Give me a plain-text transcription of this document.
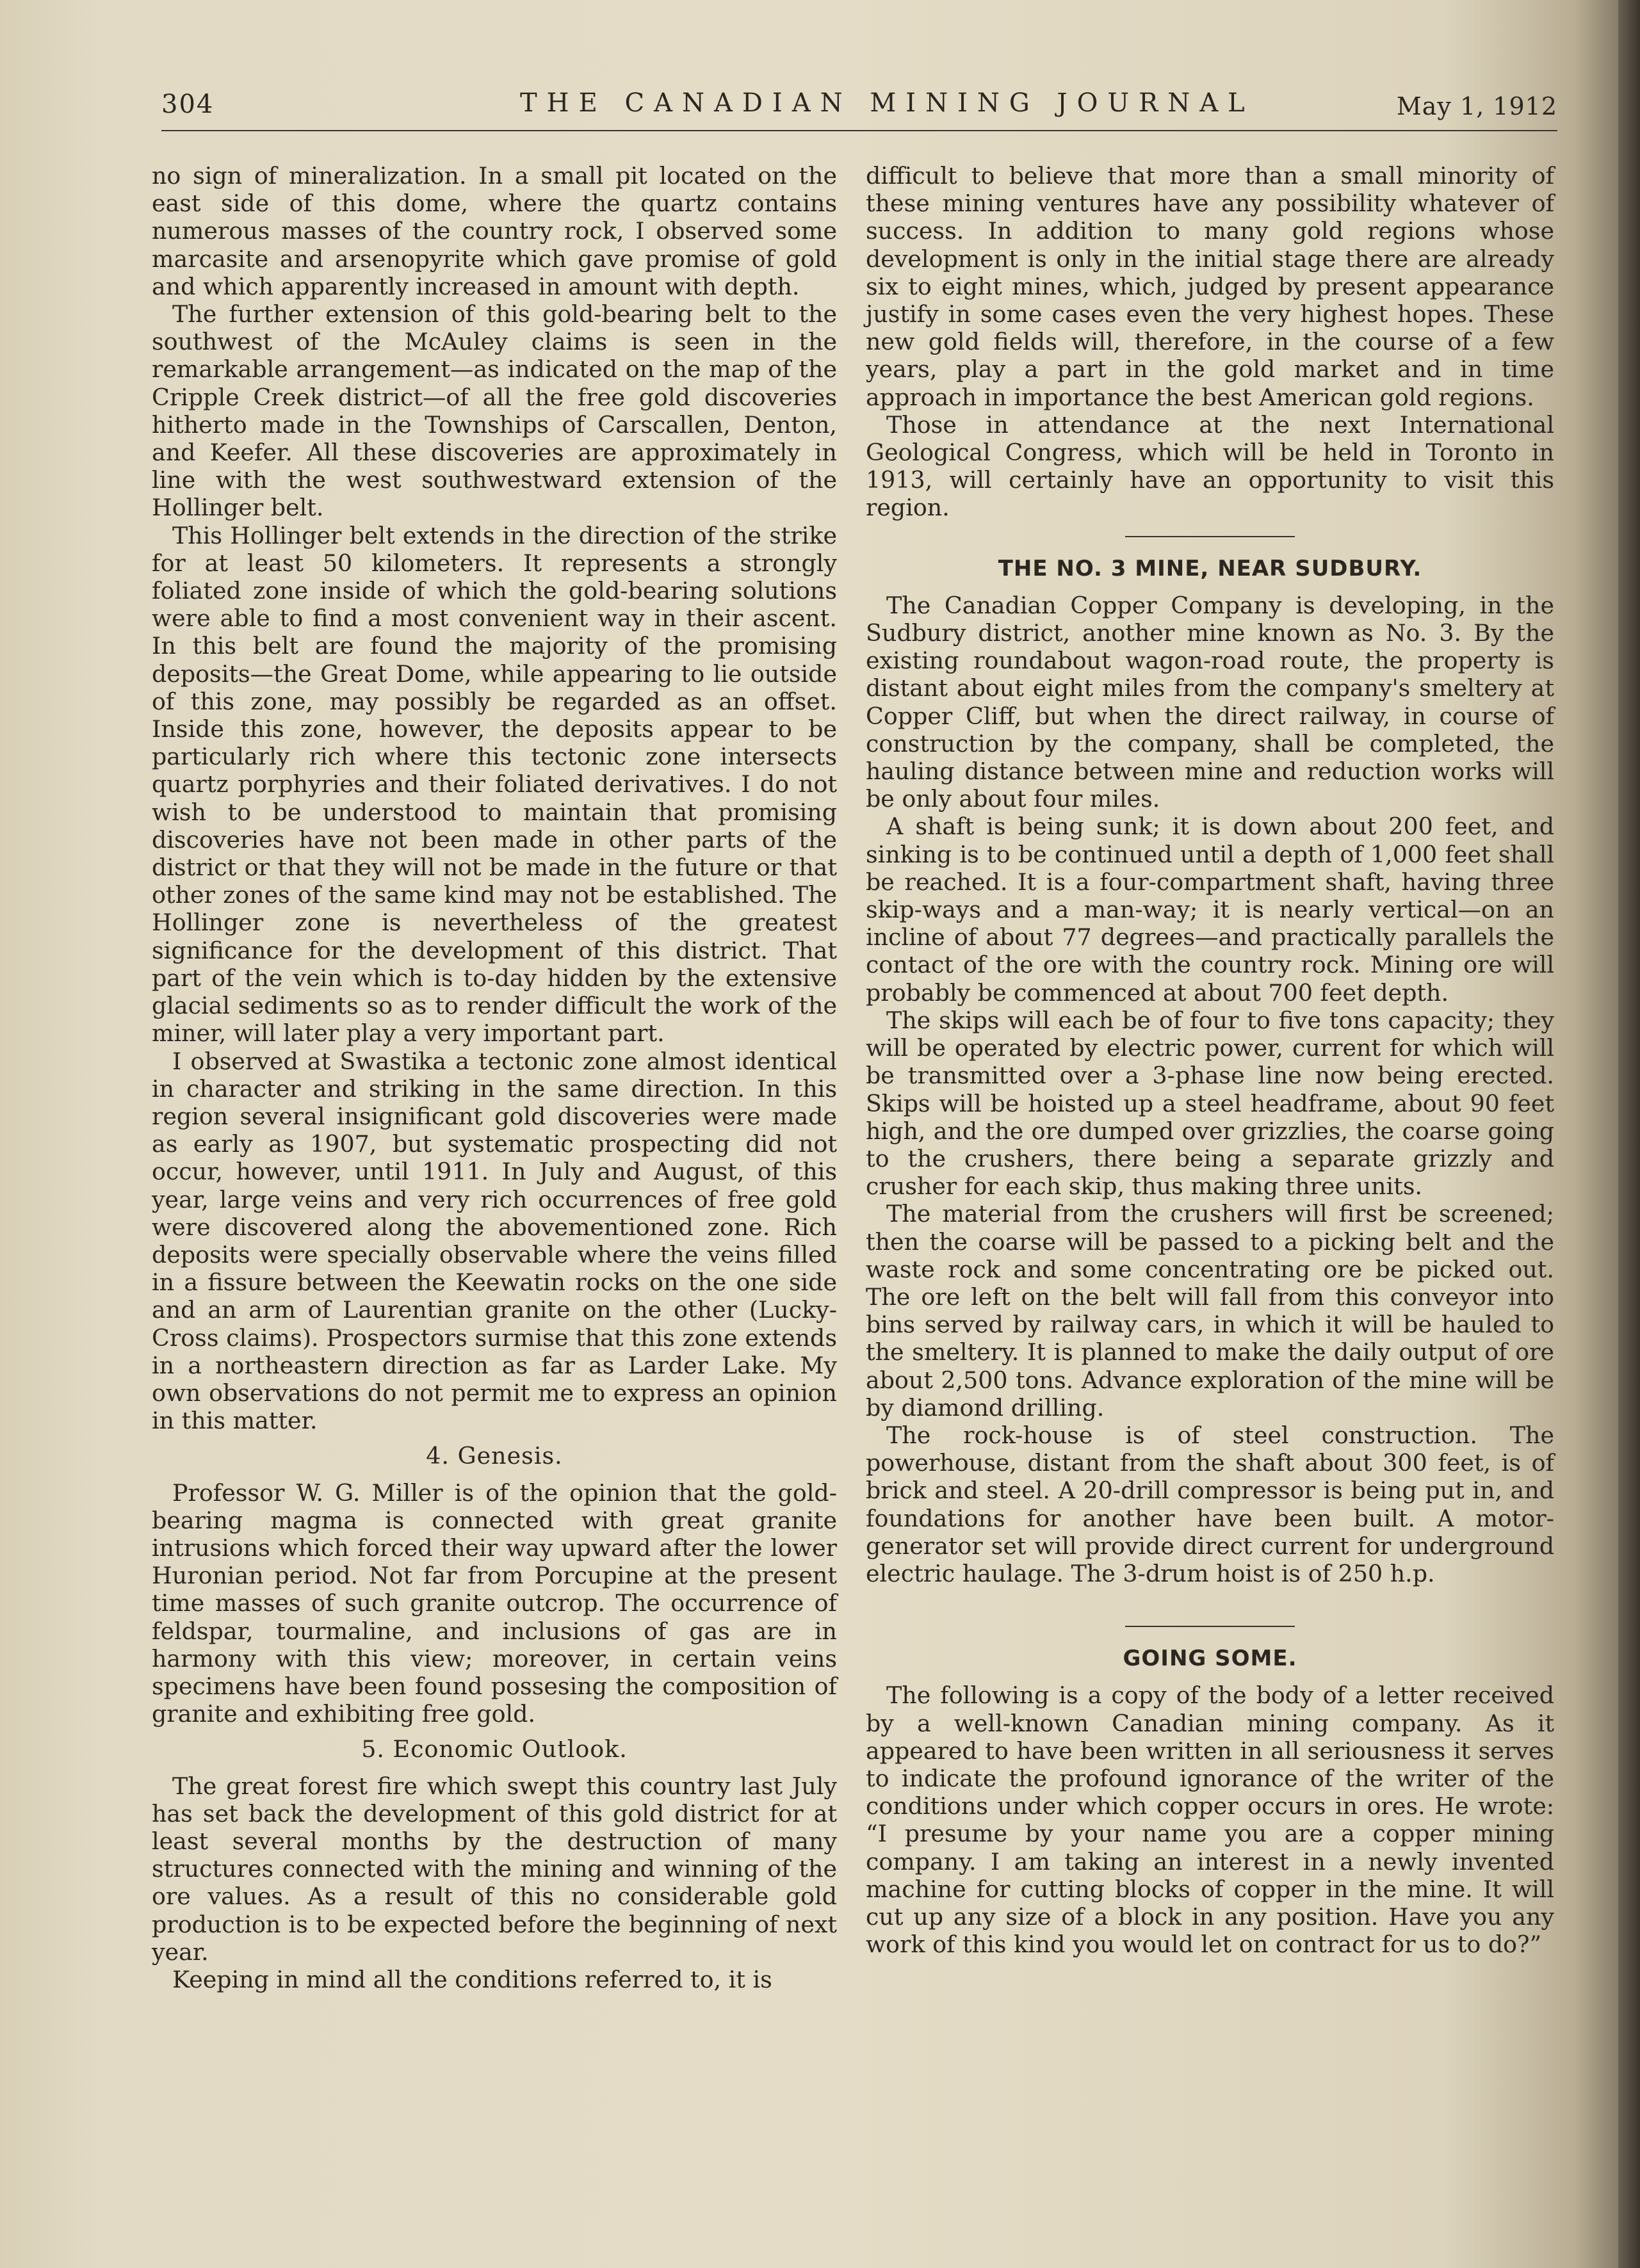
304	THE CANADIAN MINING JOURNAL	May 1, 1912

no sign of mineralization. In a small pit located on the east side of this dome, where the quartz contains numerous masses of the country rock, I observed some marcasite and arsenopyrite which gave promise of gold and which apparently increased in amount with depth.

The further extension of this gold-bearing belt to the southwest of the McAuley claims is seen in the remarkable arrangement—as indicated on the map of the Cripple Creek district—of all the free gold discoveries hitherto made in the Townships of Carscallen, Denton, and Keefer. All these discoveries are approximately in line with the west southwestward extension of the Hollinger belt.

This Hollinger belt extends in the direction of the strike for at least 50 kilometers. It represents a strongly foliated zone inside of which the gold-bearing solutions were able to find a most convenient way in their ascent. In this belt are found the majority of the promising deposits—the Great Dome, while appearing to lie outside of this zone, may possibly be regarded as an offset. Inside this zone, however, the deposits appear to be particularly rich where this tectonic zone intersects quartz porphyries and their foliated derivatives. I do not wish to be understood to maintain that promising discoveries have not been made in other parts of the district or that they will not be made in the future or that other zones of the same kind may not be established. The Hollinger zone is nevertheless of the greatest significance for the development of this district. That part of the vein which is to-day hidden by the extensive glacial sediments so as to render difficult the work of the miner, will later play a very important part.

I observed at Swastika a tectonic zone almost identical in character and striking in the same direction. In this region several insignificant gold discoveries were made as early as 1907, but systematic prospecting did not occur, however, until 1911. In July and August, of this year, large veins and very rich occurrences of free gold were discovered along the abovementioned zone. Rich deposits were specially observable where the veins filled in a fissure between the Keewatin rocks on the one side and an arm of Laurentian granite on the other (Lucky-Cross claims). Prospectors surmise that this zone extends in a northeastern direction as far as Larder Lake. My own observations do not permit me to express an opinion in this matter.

4. Genesis.

Professor W. G. Miller is of the opinion that the gold-bearing magma is connected with great granite intrusions which forced their way upward after the lower Huronian period. Not far from Porcupine at the present time masses of such granite outcrop. The occurrence of feldspar, tourmaline, and inclusions of gas are in harmony with this view; moreover, in certain veins specimens have been found possesing the composition of granite and exhibiting free gold.

5. Economic Outlook.

The great forest fire which swept this country last July has set back the development of this gold district for at least several months by the destruction of many structures connected with the mining and winning of the ore values. As a result of this no considerable gold production is to be expected before the beginning of next year.

Keeping in mind all the conditions referred to, it is

difficult to believe that more than a small minority of these mining ventures have any possibility whatever of success. In addition to many gold regions whose development is only in the initial stage there are already six to eight mines, which, judged by present appearance justify in some cases even the very highest hopes. These new gold fields will, therefore, in the course of a few years, play a part in the gold market and in time approach in importance the best American gold regions.

Those in attendance at the next International Geological Congress, which will be held in Toronto in 1913, will certainly have an opportunity to visit this region.

THE NO. 3 MINE, NEAR SUDBURY.

The Canadian Copper Company is developing, in the Sudbury district, another mine known as No. 3. By the existing roundabout wagon-road route, the property is distant about eight miles from the company's smeltery at Copper Cliff, but when the direct railway, in course of construction by the company, shall be completed, the hauling distance between mine and reduction works will be only about four miles.

A shaft is being sunk; it is down about 200 feet, and sinking is to be continued until a depth of 1,000 feet shall be reached. It is a four-compartment shaft, having three skip-ways and a man-way; it is nearly vertical—on an incline of about 77 degrees—and practically parallels the contact of the ore with the country rock. Mining ore will probably be commenced at about 700 feet depth.

The skips will each be of four to five tons capacity; they will be operated by electric power, current for which will be transmitted over a 3-phase line now being erected. Skips will be hoisted up a steel headframe, about 90 feet high, and the ore dumped over grizzlies, the coarse going to the crushers, there being a separate grizzly and crusher for each skip, thus making three units.

The material from the crushers will first be screened; then the coarse will be passed to a picking belt and the waste rock and some concentrating ore be picked out. The ore left on the belt will fall from this conveyor into bins served by railway cars, in which it will be hauled to the smeltery. It is planned to make the daily output of ore about 2,500 tons. Advance exploration of the mine will be by diamond drilling.

The rock-house is of steel construction. The powerhouse, distant from the shaft about 300 feet, is of brick and steel. A 20-drill compressor is being put in, and foundations for another have been built. A motor-generator set will provide direct current for underground electric haulage. The 3-drum hoist is of 250 h.p.

GOING SOME.

The following is a copy of the body of a letter received by a well-known Canadian mining company. As it appeared to have been written in all seriousness it serves to indicate the profound ignorance of the writer of the conditions under which copper occurs in ores. He wrote: “I presume by your name you are a copper mining company. I am taking an interest in a newly invented machine for cutting blocks of copper in the mine. It will cut up any size of a block in any position. Have you any work of this kind you would let on contract for us to do?”
